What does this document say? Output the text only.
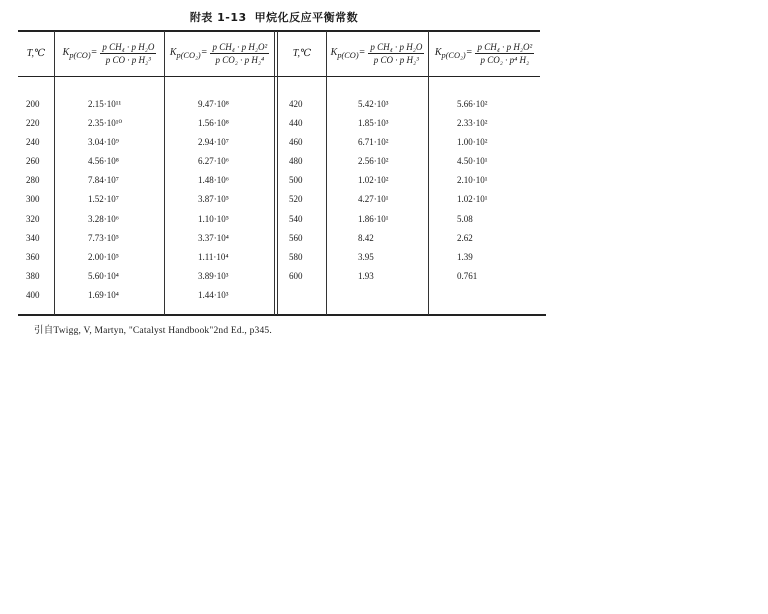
附表 1-13 甲烷化反应平衡常数
T,℃ $K_{p(CO)}= \frac{\text{p CH₄ · p H₂O}}{\text{p CO · p H₂³}} K_{p(CO_2)}= \frac{\text{p CH₄ · p H₂O²}}{\text{p CO₂ · p H₂⁴}}$ T,℃ $K_{p(CO)}= \frac{\text{p CH₄ · p H₂O}}{\text{p CO · p H₂³}} K_{p(CO_2)}= \frac{\text{p CH₄ · p H₂O²}}{\text{p CO₂ · p⁴ H₂}}$
200
220
240
260
280
300
320
340
360
380
400
2.15·10¹¹
2.35·10¹⁰
3.04·10⁹
4.56·10⁸
7.84·10⁷
1.52·10⁷
3.28·10⁶
7.73·10⁵
2.00·10⁵
5.60·10⁴
1.69·10⁴
9.47·10⁸
1.56·10⁸
2.94·10⁷
6.27·10⁶
1.48·10⁶
3.87·10⁵
1.10·10⁵
3.37·10⁴
1.11·10⁴
3.89·10³
1.44·10³
420
440
460
480
500
520
540
560
580
600
5.42·10³
1.85·10³
6.71·10²
2.56·10²
1.02·10²
4.27·10¹
1.86·10¹
8.42
3.95
1.93
5.66·10²
2.33·10²
1.00·10²
4.50·10¹
2.10·10¹
1.02·10¹
5.08
2.62
1.39
0.761
引自Twigg, V, Martyn, "Catalyst Handbook"2nd Ed., p345.
